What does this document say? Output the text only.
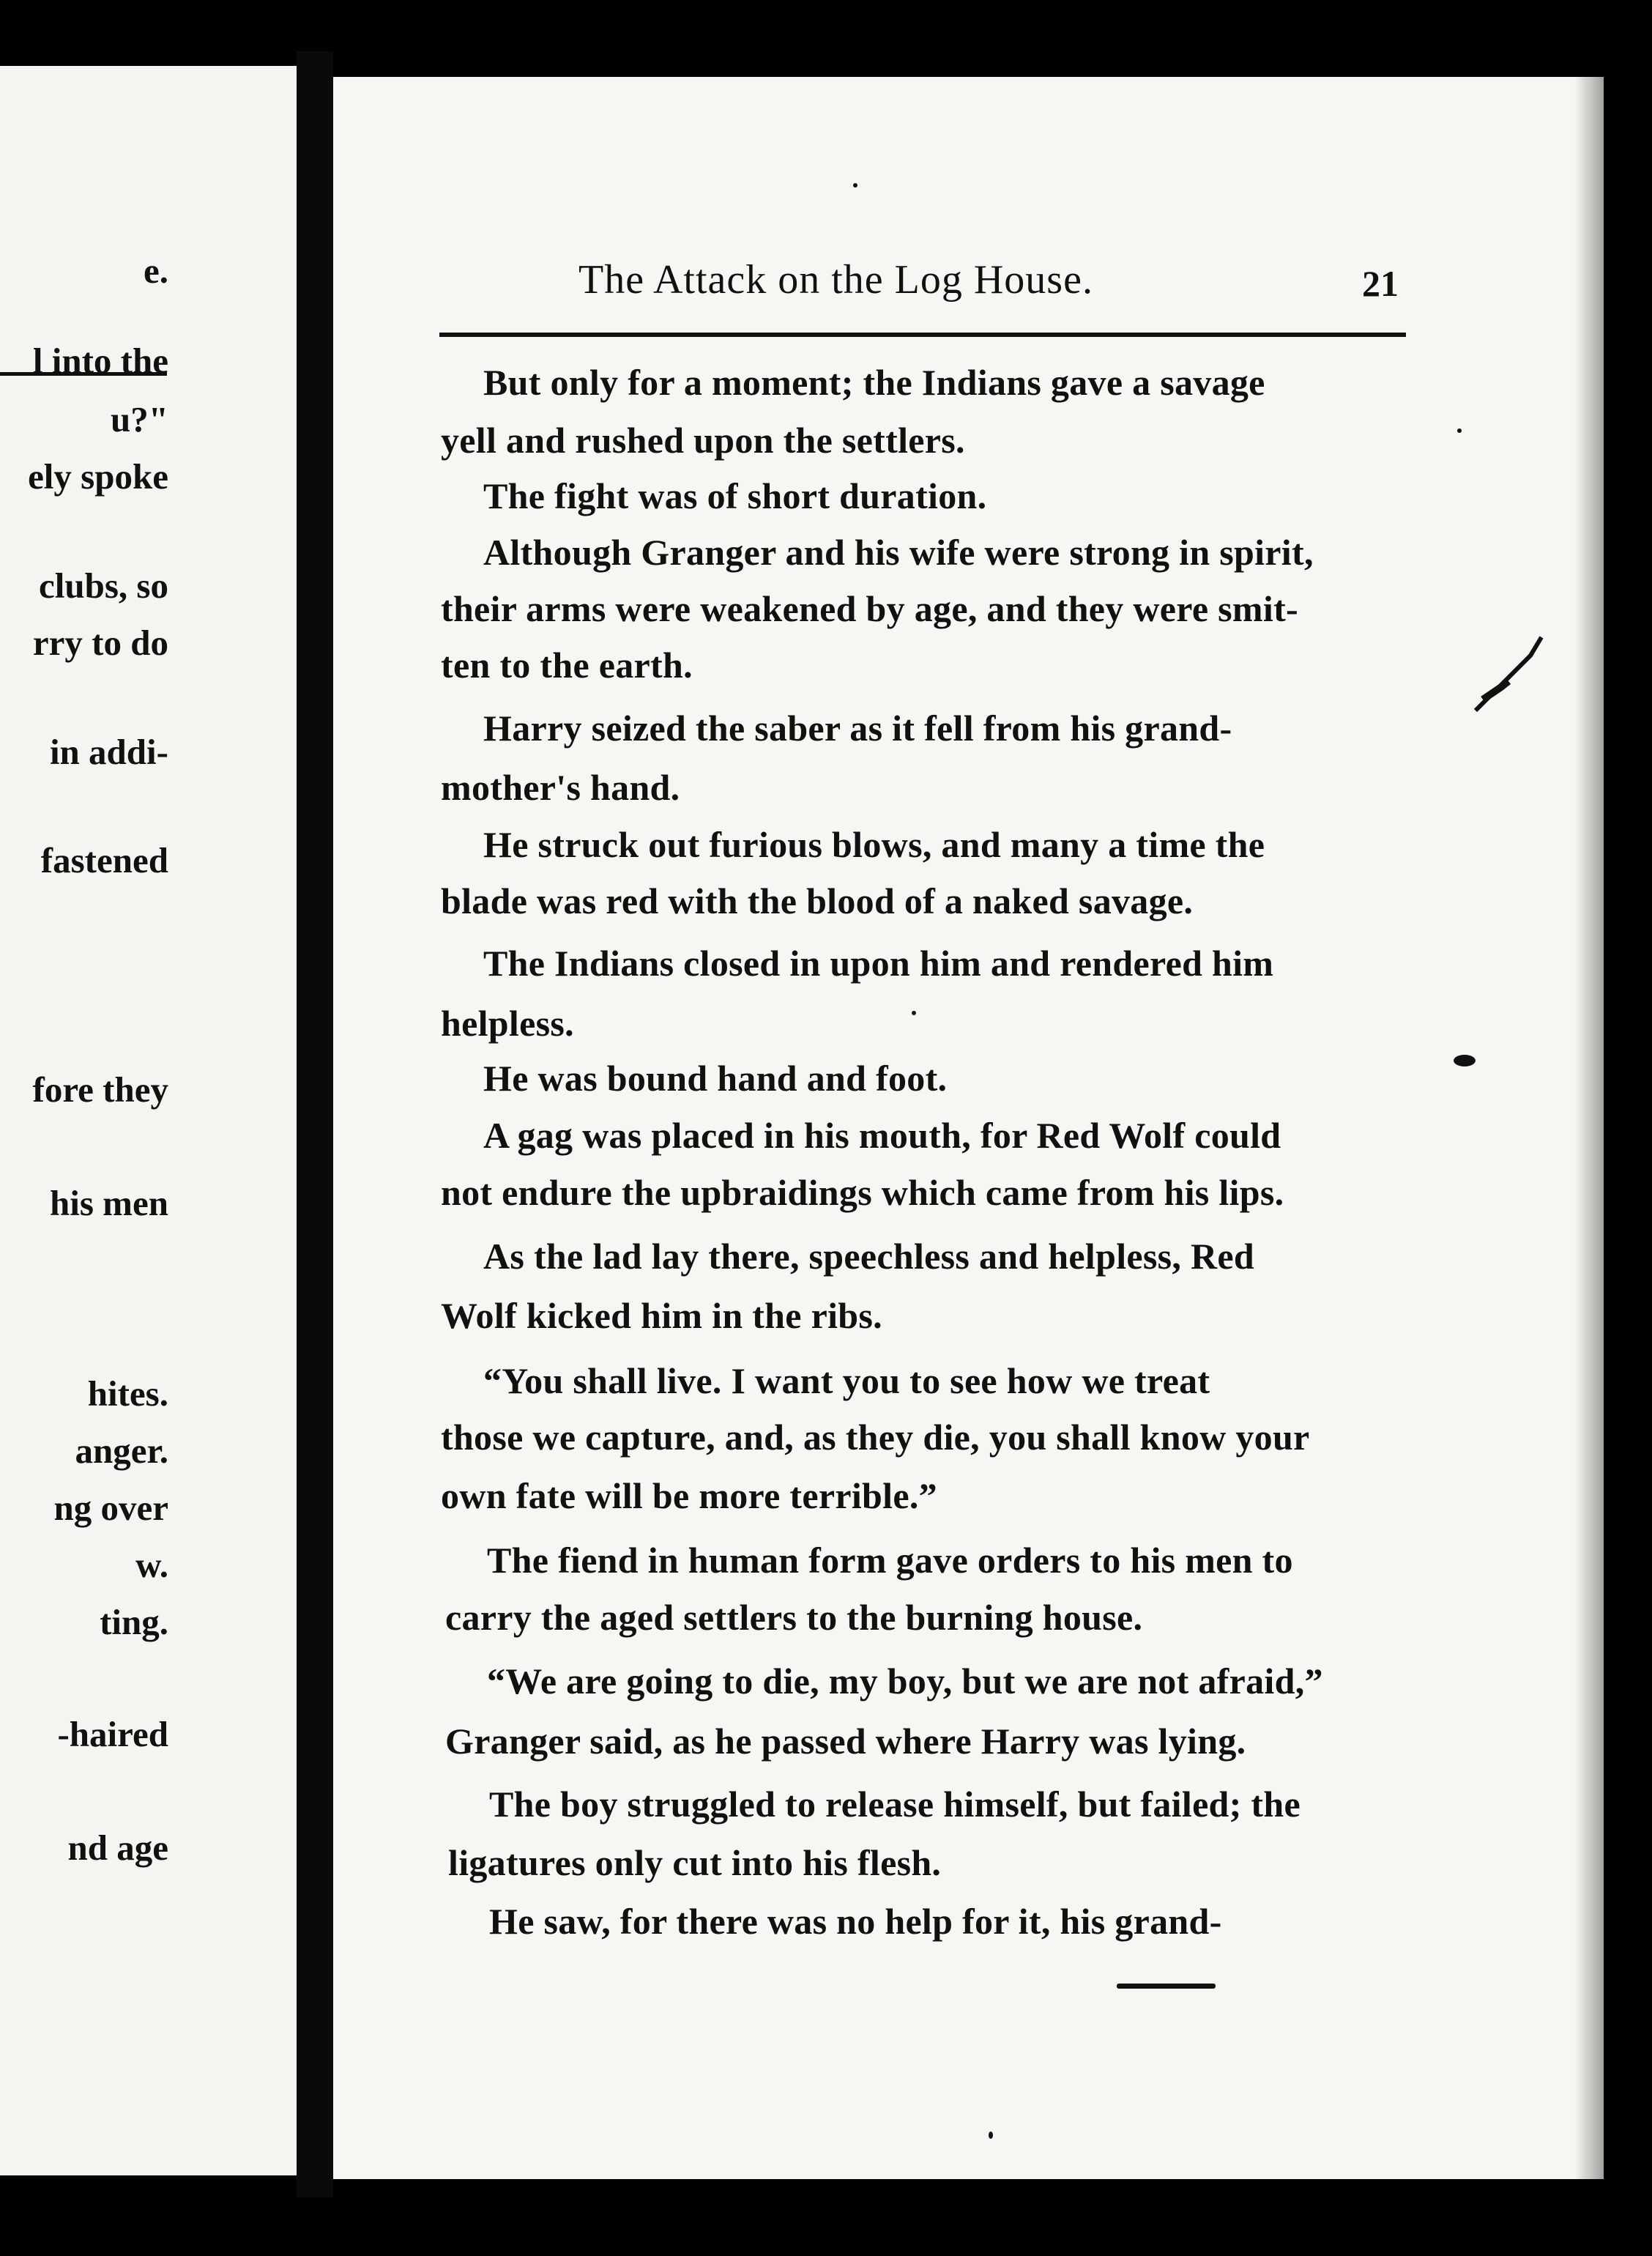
e.
l into the
u?"
ely spoke
clubs, so
rry to do
in addi-
fastened
fore they
his men
hites.
anger.
ng over
w.
ting.
-haired
nd age
The Attack on the Log House.	21
But only for a moment; the Indians gave a savage
yell and rushed upon the settlers.
The fight was of short duration.
Although Granger and his wife were strong in spirit,
their arms were weakened by age, and they were smit-
ten to the earth.
Harry seized the saber as it fell from his grand-
mother's hand.
He struck out furious blows, and many a time the
blade was red with the blood of a naked savage.
The Indians closed in upon him and rendered him
helpless.
He was bound hand and foot.
A gag was placed in his mouth, for Red Wolf could
not endure the upbraidings which came from his lips.
As the lad lay there, speechless and helpless, Red
Wolf kicked him in the ribs.
“You shall live. I want you to see how we treat
those we capture, and, as they die, you shall know your
own fate will be more terrible.”
The fiend in human form gave orders to his men to
carry the aged settlers to the burning house.
“We are going to die, my boy, but we are not afraid,”
Granger said, as he passed where Harry was lying.
The boy struggled to release himself, but failed; the
ligatures only cut into his flesh.
He saw, for there was no help for it, his grand-
